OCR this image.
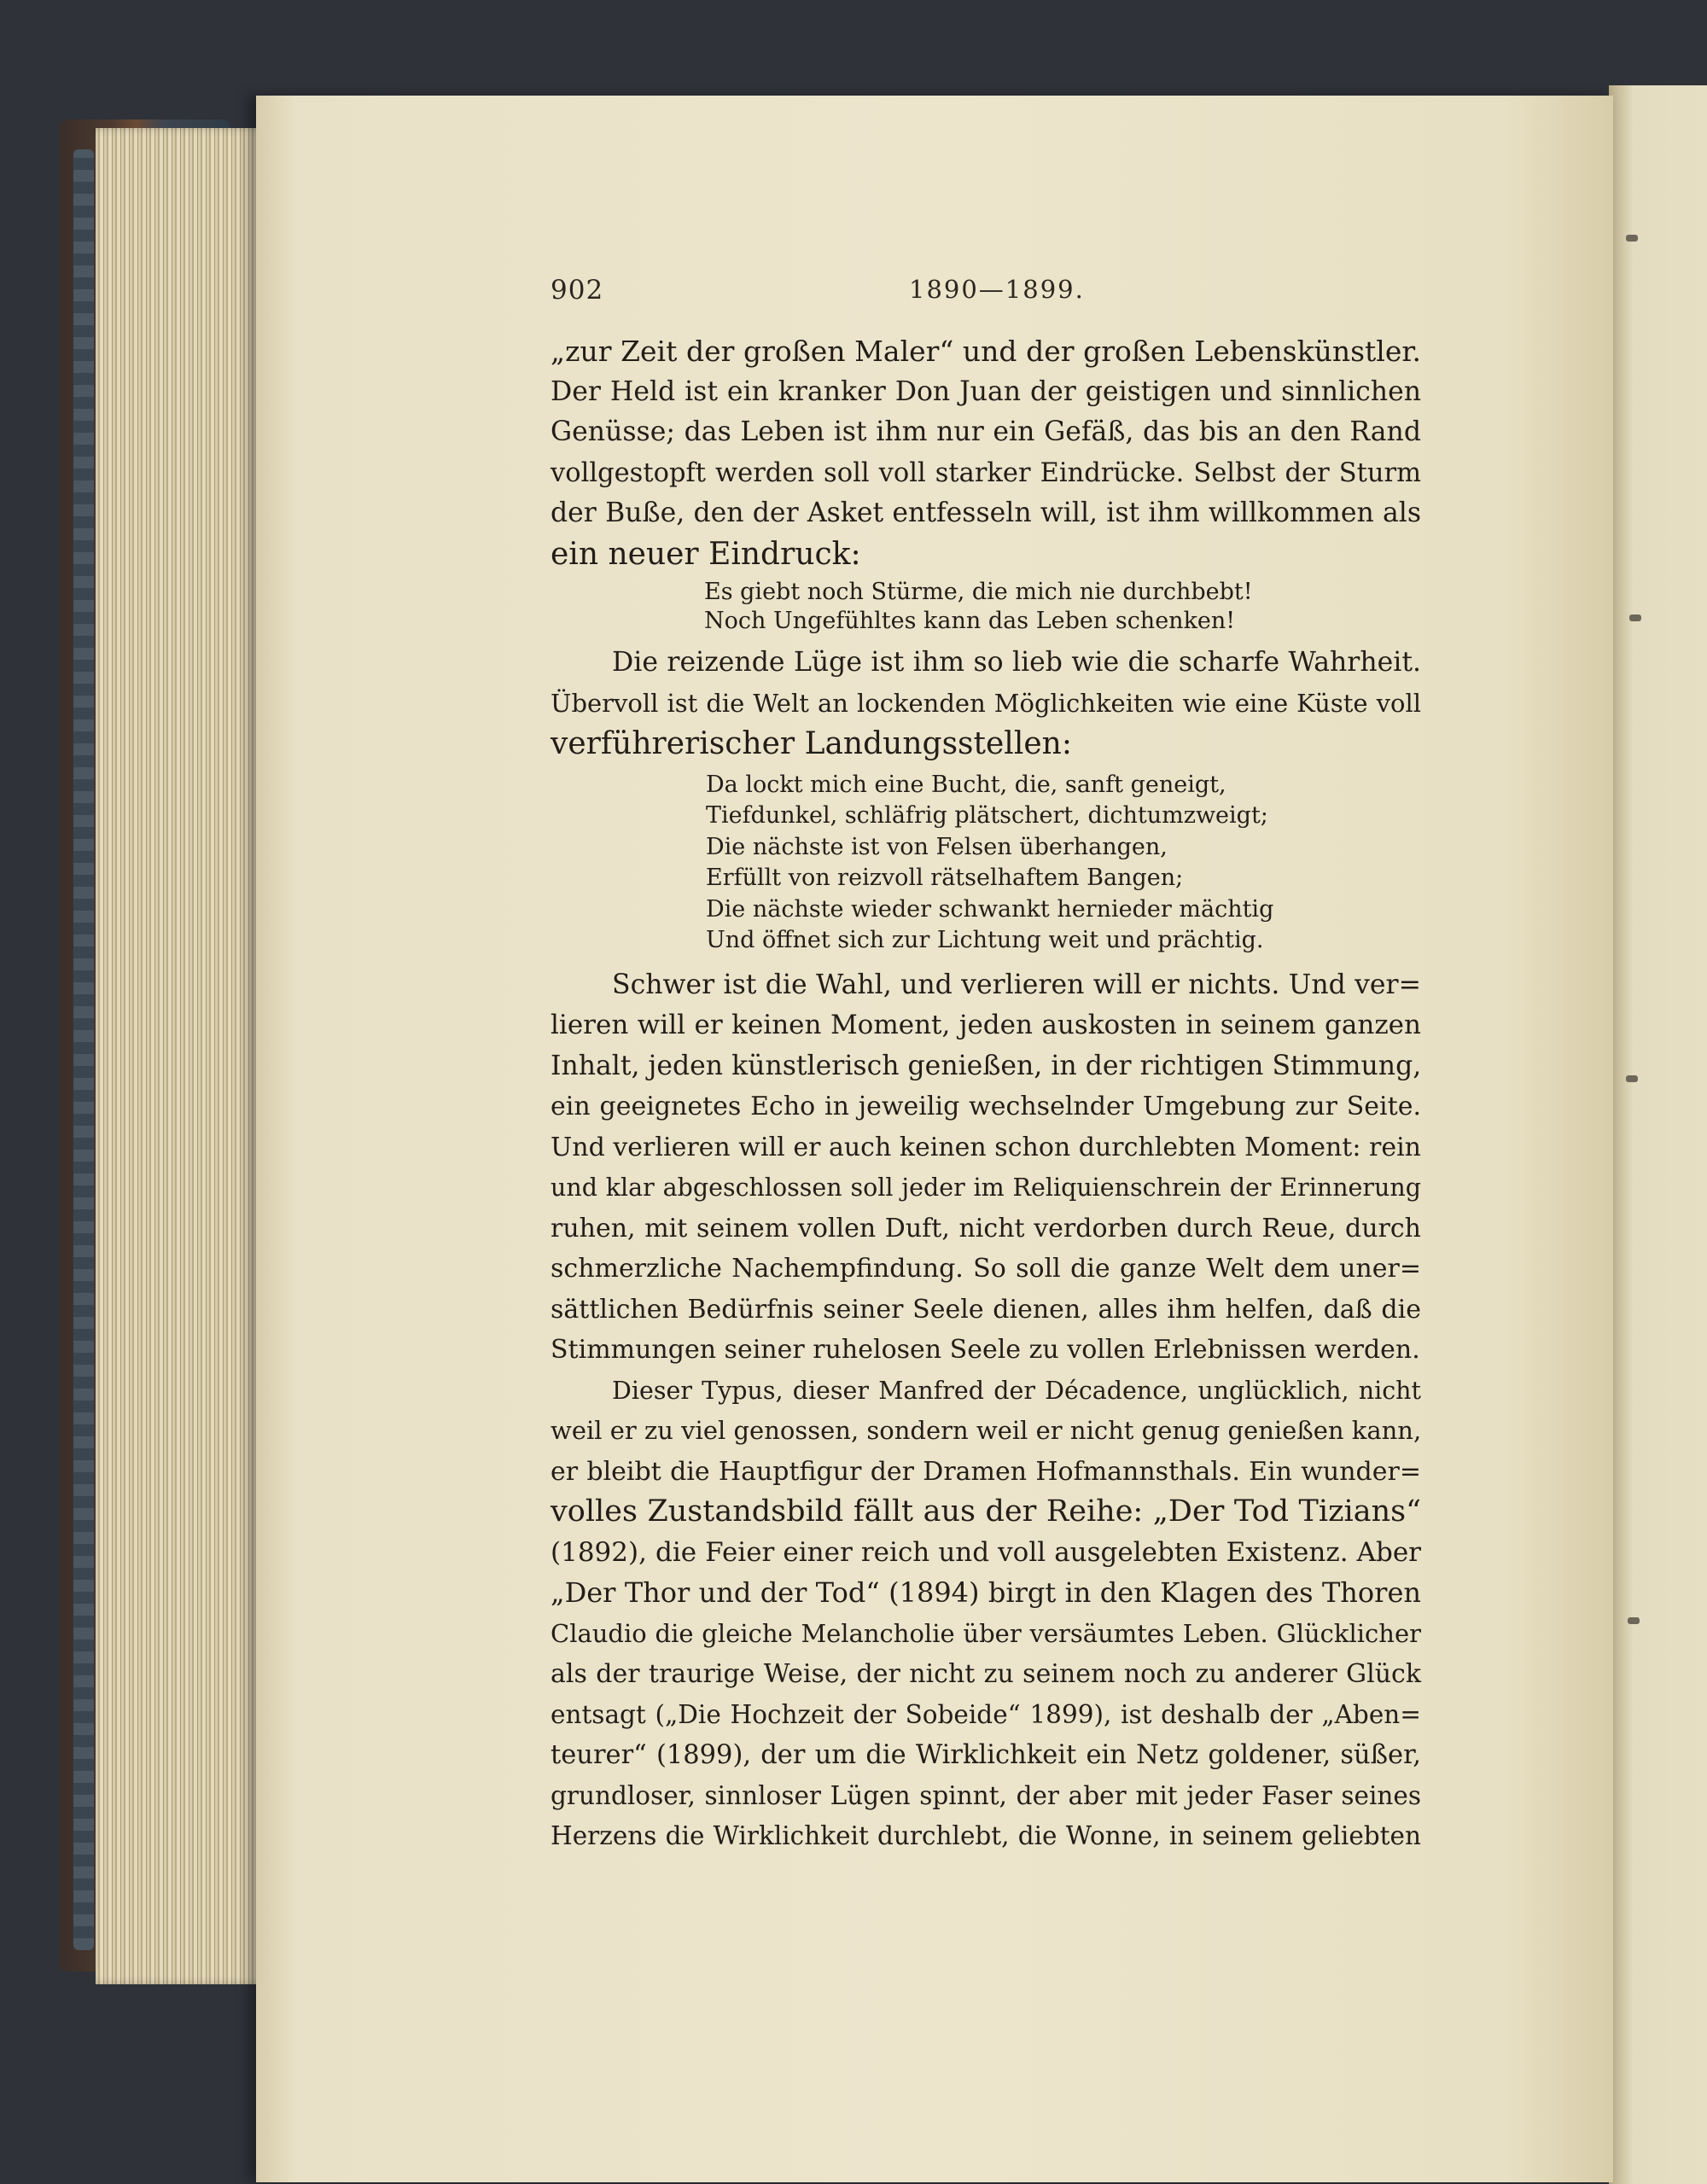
902	1890—1899.
„zur Zeit der großen Maler“ und der großen Lebenskünstler.
Der Held ist ein kranker Don Juan der geistigen und sinnlichen
Genüsse; das Leben ist ihm nur ein Gefäß, das bis an den Rand
vollgestopft werden soll voll starker Eindrücke. Selbst der Sturm
der Buße, den der Asket entfesseln will, ist ihm willkommen als
ein neuer Eindruck:
Es giebt noch Stürme, die mich nie durchbebt!
Noch Ungefühltes kann das Leben schenken!
Die reizende Lüge ist ihm so lieb wie die scharfe Wahrheit.
Übervoll ist die Welt an lockenden Möglichkeiten wie eine Küste voll
verführerischer Landungsstellen:
Da lockt mich eine Bucht, die, sanft geneigt,
Tiefdunkel, schläfrig plätschert, dichtumzweigt;
Die nächste ist von Felsen überhangen,
Erfüllt von reizvoll rätselhaftem Bangen;
Die nächste wieder schwankt hernieder mächtig
Und öffnet sich zur Lichtung weit und prächtig.
Schwer ist die Wahl, und verlieren will er nichts. Und ver=
lieren will er keinen Moment, jeden auskosten in seinem ganzen
Inhalt, jeden künstlerisch genießen, in der richtigen Stimmung,
ein geeignetes Echo in jeweilig wechselnder Umgebung zur Seite.
Und verlieren will er auch keinen schon durchlebten Moment: rein
und klar abgeschlossen soll jeder im Reliquienschrein der Erinnerung
ruhen, mit seinem vollen Duft, nicht verdorben durch Reue, durch
schmerzliche Nachempfindung. So soll die ganze Welt dem uner=
sättlichen Bedürfnis seiner Seele dienen, alles ihm helfen, daß die
Stimmungen seiner ruhelosen Seele zu vollen Erlebnissen werden.
Dieser Typus, dieser Manfred der Décadence, unglücklich, nicht
weil er zu viel genossen, sondern weil er nicht genug genießen kann,
er bleibt die Hauptfigur der Dramen Hofmannsthals. Ein wunder=
volles Zustandsbild fällt aus der Reihe: „Der Tod Tizians“
(1892), die Feier einer reich und voll ausgelebten Existenz. Aber
„Der Thor und der Tod“ (1894) birgt in den Klagen des Thoren
Claudio die gleiche Melancholie über versäumtes Leben. Glücklicher
als der traurige Weise, der nicht zu seinem noch zu anderer Glück
entsagt („Die Hochzeit der Sobeide“ 1899), ist deshalb der „Aben=
teurer“ (1899), der um die Wirklichkeit ein Netz goldener, süßer,
grundloser, sinnloser Lügen spinnt, der aber mit jeder Faser seines
Herzens die Wirklichkeit durchlebt, die Wonne, in seinem geliebten
